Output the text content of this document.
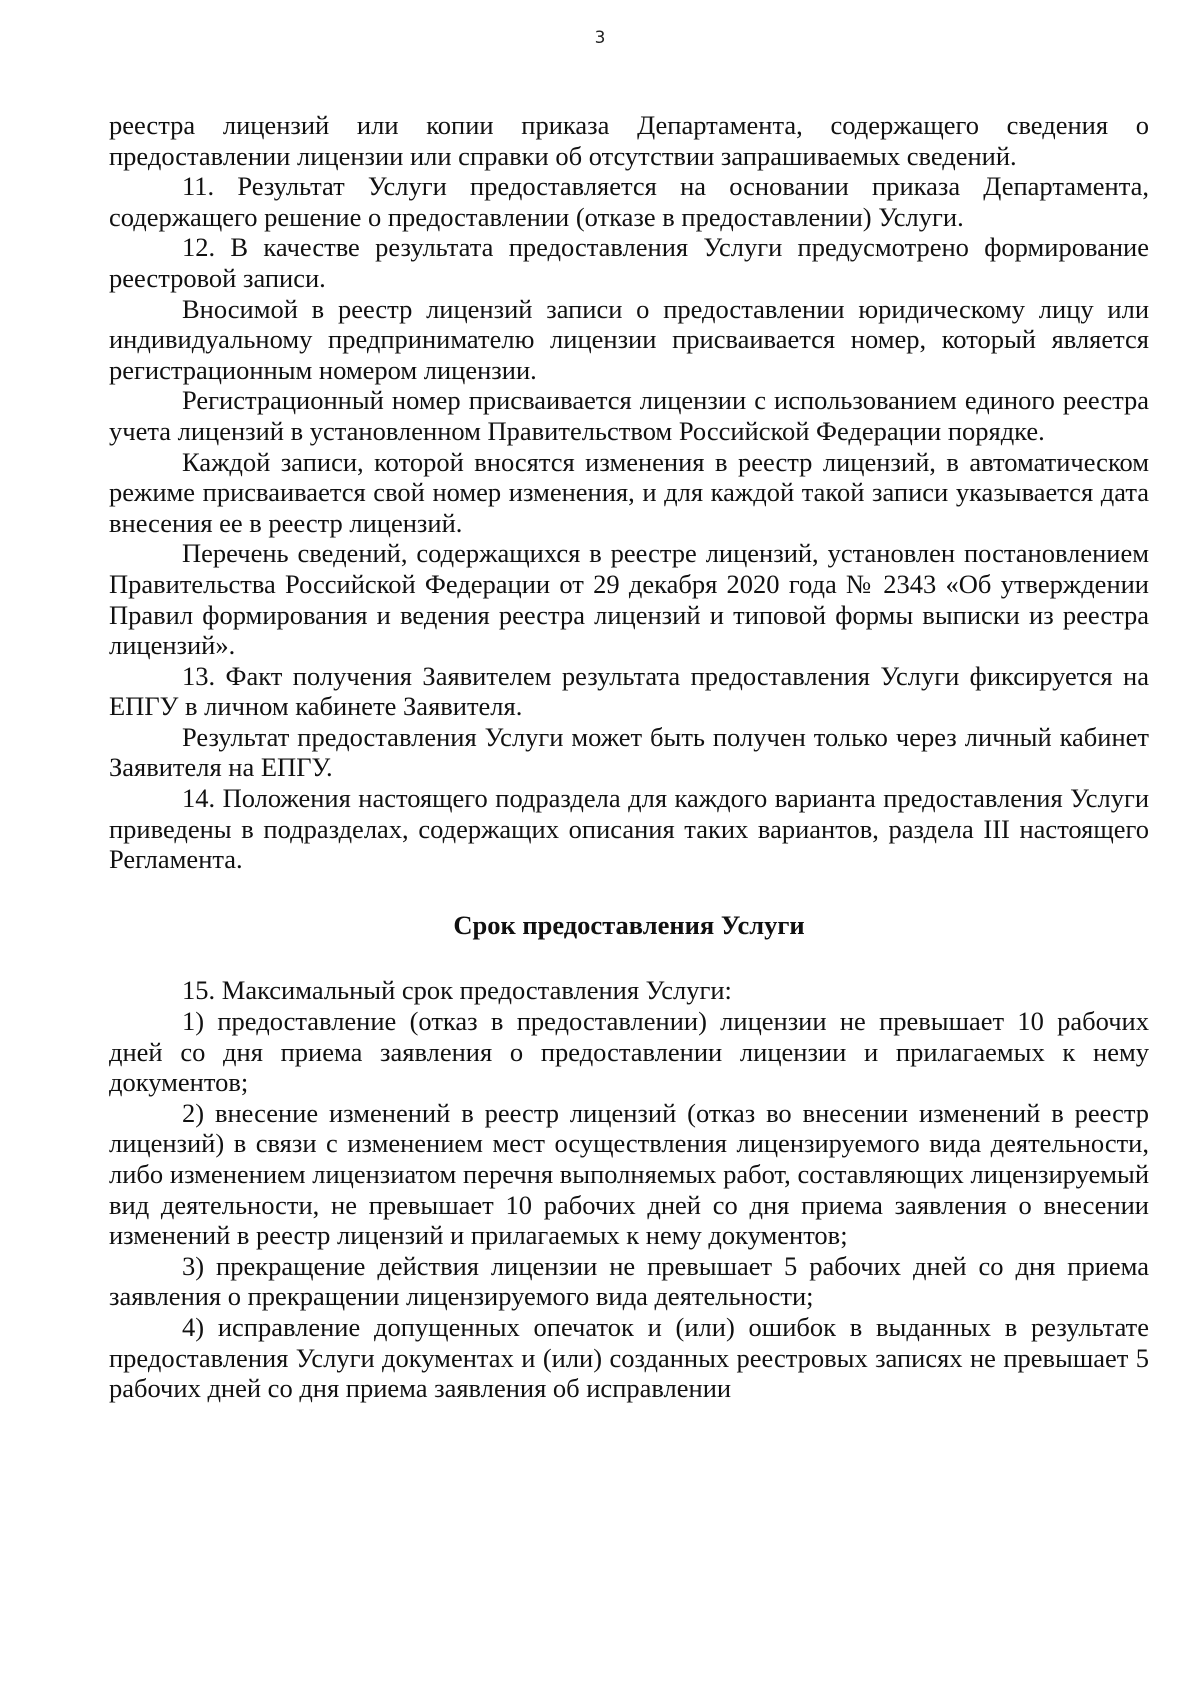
3

реестра лицензий или копии приказа Департамента, содержащего сведения о предоставлении лицензии или справки об отсутствии запрашиваемых сведений.

11. Результат Услуги предоставляется на основании приказа Департамента, содержащего решение о предоставлении (отказе в предоставлении) Услуги.

12. В качестве результата предоставления Услуги предусмотрено формирование реестровой записи.

Вносимой в реестр лицензий записи о предоставлении юридическому лицу или индивидуальному предпринимателю лицензии присваивается номер, который является регистрационным номером лицензии.

Регистрационный номер присваивается лицензии с использованием единого реестра учета лицензий в установленном Правительством Российской Федерации порядке.

Каждой записи, которой вносятся изменения в реестр лицензий, в автоматическом режиме присваивается свой номер изменения, и для каждой такой записи указывается дата внесения ее в реестр лицензий.

Перечень сведений, содержащихся в реестре лицензий, установлен постановлением Правительства Российской Федерации от 29 декабря 2020 года № 2343 «Об утверждении Правил формирования и ведения реестра лицензий и типовой формы выписки из реестра лицензий».

13. Факт получения Заявителем результата предоставления Услуги фиксируется на ЕПГУ в личном кабинете Заявителя.

Результат предоставления Услуги может быть получен только через личный кабинет Заявителя на ЕПГУ.

14. Положения настоящего подраздела для каждого варианта предоставления Услуги приведены в подразделах, содержащих описания таких вариантов, раздела III настоящего Регламента.

Срок предоставления Услуги

15. Максимальный срок предоставления Услуги:

1) предоставление (отказ в предоставлении) лицензии не превышает 10 рабочих дней со дня приема заявления о предоставлении лицензии и прилагаемых к нему документов;

2) внесение изменений в реестр лицензий (отказ во внесении изменений в реестр лицензий) в связи с изменением мест осуществления лицензируемого вида деятельности, либо изменением лицензиатом перечня выполняемых работ, составляющих лицензируемый вид деятельности, не превышает 10 рабочих дней со дня приема заявления о внесении изменений в реестр лицензий и прилагаемых к нему документов;

3) прекращение действия лицензии не превышает 5 рабочих дней со дня приема заявления о прекращении лицензируемого вида деятельности;

4) исправление допущенных опечаток и (или) ошибок в выданных в результате предоставления Услуги документах и (или) созданных реестровых записях не превышает 5 рабочих дней со дня приема заявления об исправлении
